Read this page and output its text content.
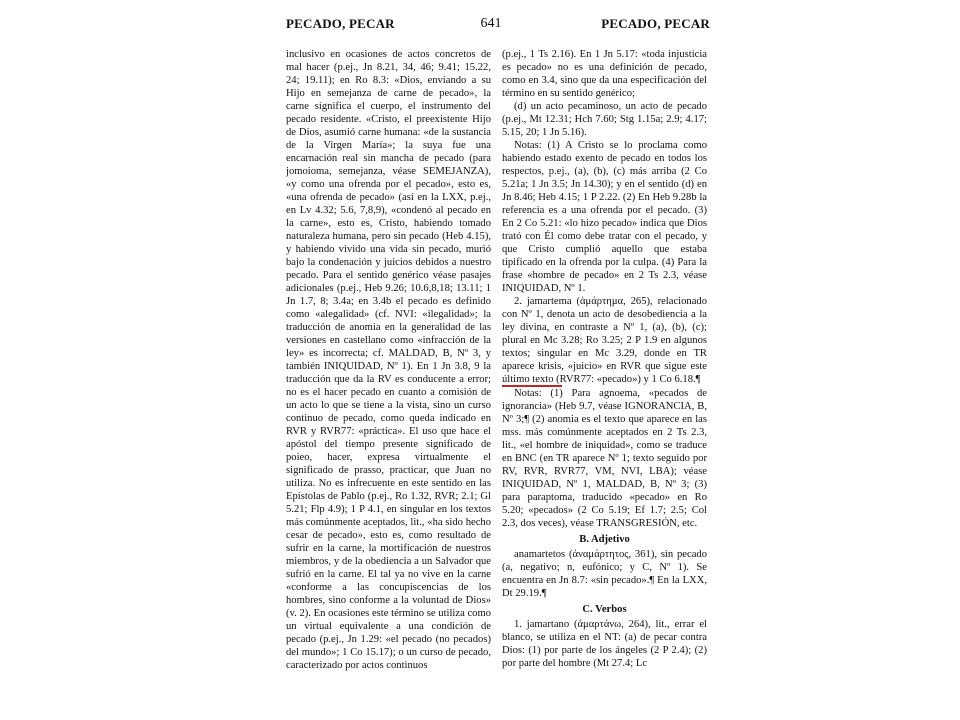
PECADO, PECAR	641	PECADO, PECAR

inclusivo en ocasiones de actos concretos de mal hacer (p.ej., Jn 8.21, 34, 46; 9.41; 15.22, 24; 19.11); en Ro 8.3: «Dios, enviando a su Hijo en semejanza de carne de pecado», la carne significa el cuerpo, el instrumento del pecado residente. «Cristo, el preexistente Hijo de Dios, asumió carne humana: «de la sustancia de la Virgen María»; la suya fue una encarnación real sin mancha de pecado (para jomoioma, semejanza, véase SEMEJANZA), «y como una ofrenda por el pecado», esto es, «una ofrenda de pecado» (así en la LXX, p.ej., en Lv 4.32; 5.6, 7,8,9), «condenó al pecado en la carne», esto es, Cristo, habiendo tomado naturaleza humana, pero sin pecado (Heb 4.15), y habiendo vivido una vida sin pecado, murió bajo la condenación y juicios debidos a nuestro pecado. Para el sentido genérico véase pasajes adicionales (p.ej., Heb 9.26; 10.6,8,18; 13.11; 1 Jn 1.7, 8; 3.4a; en 3.4b el pecado es definido como «alegalidad» (cf. NVI: «ilegalidad»; la traducción de anomia en la generalidad de las versiones en castellano como «infracción de la ley» es incorrecta; cf. MALDAD, B, Nº 3, y también INIQUIDAD, Nº 1). En 1 Jn 3.8, 9 la traducción que da la RV es conducente a error; no es el hacer pecado en cuanto a comisión de un acto lo que se tiene a la vista, sino un curso continuo de pecado, como queda indicado en RVR y RVR77: «práctica». El uso que hace el apóstol del tiempo presente significado de poieo, hacer, expresa virtualmente el significado de prasso, practicar, que Juan no utiliza. No es infrecuente en este sentido en las Epístolas de Pablo (p.ej., Ro 1.32, RVR; 2.1; Gl 5.21; Flp 4.9); 1 P 4.1, en singular en los textos más comúnmente aceptados, lit., «ha sido hecho cesar de pecado», esto es, como resultado de sufrir en la carne, la mortificación de nuestros miembros, y de la obediencia a un Salvador que sufrió en la carne. El tal ya no vive en la carne «conforme a las concupiscencias de los hombres, sino conforme a la voluntad de Dios» (v. 2). En ocasiones este término se utiliza como un virtual equivalente a una condición de pecado (p.ej., Jn 1.29: «el pecado (no pecados) del mundo»; 1 Co 15.17); o un curso de pecado, caracterizado por actos continuos

(p.ej., 1 Ts 2.16). En 1 Jn 5.17: «toda injusticia es pecado» no es una definición de pecado, como en 3.4, sino que da una especificación del término en su sentido genérico;

(d) un acto pecaminoso, un acto de pecado (p.ej., Mt 12.31; Hch 7.60; Stg 1.15a; 2.9; 4.17; 5.15, 20; 1 Jn 5.16).

Notas: (1) A Cristo se lo proclama como habiendo estado exento de pecado en todos los respectos, p.ej., (a), (b), (c) más arriba (2 Co 5.21a; 1 Jn 3.5; Jn 14.30); y en el sentido (d) en Jn 8.46; Heb 4.15; 1 P 2.22. (2) En Heb 9.28b la referencia es a una ofrenda por el pecado. (3) En 2 Co 5.21: «lo hizo pecado» indica que Dios trató con Él como debe tratar con el pecado, y que Cristo cumplió aquello que estaba tipificado en la ofrenda por la culpa. (4) Para la frase «hombre de pecado» en 2 Ts 2.3, véase INIQUIDAD, Nº 1.

2. jamartema (ἁμάρτημα, 265), relacionado con Nº 1, denota un acto de desobediencia a la ley divina, en contraste a Nº 1, (a), (b), (c); plural en Mc 3.28; Ro 3.25; 2 P 1.9 en algunos textos; singular en Mc 3.29, donde en TR aparece krisis, «juicio» en RVR que sigue este último texto (RVR77: «pecado») y 1 Co 6.18.¶

Notas: (1) Para agnoema, «pecados de ignorancia» (Heb 9.7, véase IGNORANCIA, B, Nº 3;¶ (2) anomia es el texto que aparece en las mss. más comúnmente aceptados en 2 Ts 2.3, lit., «el hombre de iniquidad», como se traduce en BNC (en TR aparece Nº 1; texto seguido por RV, RVR, RVR77, VM, NVI, LBA); véase INIQUIDAD, Nº 1, MALDAD, B, Nº 3; (3) para paraptoma, traducido «pecado» en Ro 5.20; «pecados» (2 Co 5.19; Ef 1.7; 2.5; Col 2.3, dos veces), véase TRANSGRESIÓN, etc.

B. Adjetivo

anamartetos (ἀναμάρτητος, 361), sin pecado (a, negativo; n, eufónico; y C, Nº 1). Se encuentra en Jn 8.7: «sin pecado».¶ En la LXX, Dt 29.19.¶

C. Verbos

1. jamartano (ἁμαρτάνω, 264), lit., errar el blanco, se utiliza en el NT: (a) de pecar contra Dios: (1) por parte de los ángeles (2 P 2.4); (2) por parte del hombre (Mt 27.4; Lc
